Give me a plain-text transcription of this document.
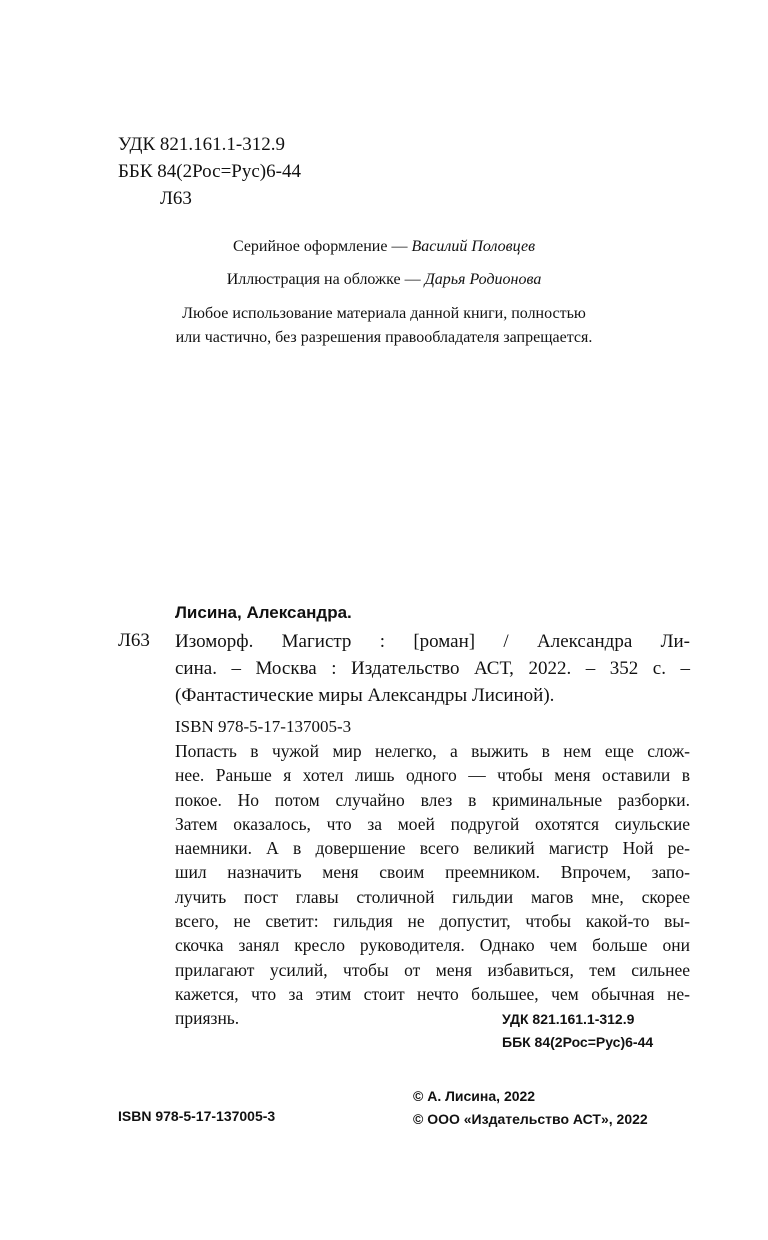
УДК 821.161.1-312.9
ББК 84(2Рос=Рус)6-44
Л63
Серийное оформление — Василий Половцев
Иллюстрация на обложке — Дарья Родионова
Любое использование материала данной книги, полностью
или частично, без разрешения правообладателя запрещается.
Лисина, Александра.
Л63 Изоморф. Магистр : [роман] / Александра Ли-
сина. – Москва : Издательство АСТ, 2022. – 352 с. –
(Фантастические миры Александры Лисиной).
ISBN 978-5-17-137005-3
Попасть в чужой мир нелегко, а выжить в нем еще слож-
нее. Раньше я хотел лишь одного — чтобы меня оставили в
покое. Но потом случайно влез в криминальные разборки.
Затем оказалось, что за моей подругой охотятся сиульские
наемники. А в довершение всего великий магистр Ной ре-
шил назначить меня своим преемником. Впрочем, запо-
лучить пост главы столичной гильдии магов мне, скорее
всего, не светит: гильдия не допустит, чтобы какой-то вы-
скочка занял кресло руководителя. Однако чем больше они
прилагают усилий, чтобы от меня избавиться, тем сильнее
кажется, что за этим стоит нечто большее, чем обычная не-
приязнь.	УДК 821.161.1-312.9
ББК 84(2Рос=Рус)6-44
© А. Лисина, 2022
© ООО «Издательство АСТ», 2022
ISBN 978-5-17-137005-3
